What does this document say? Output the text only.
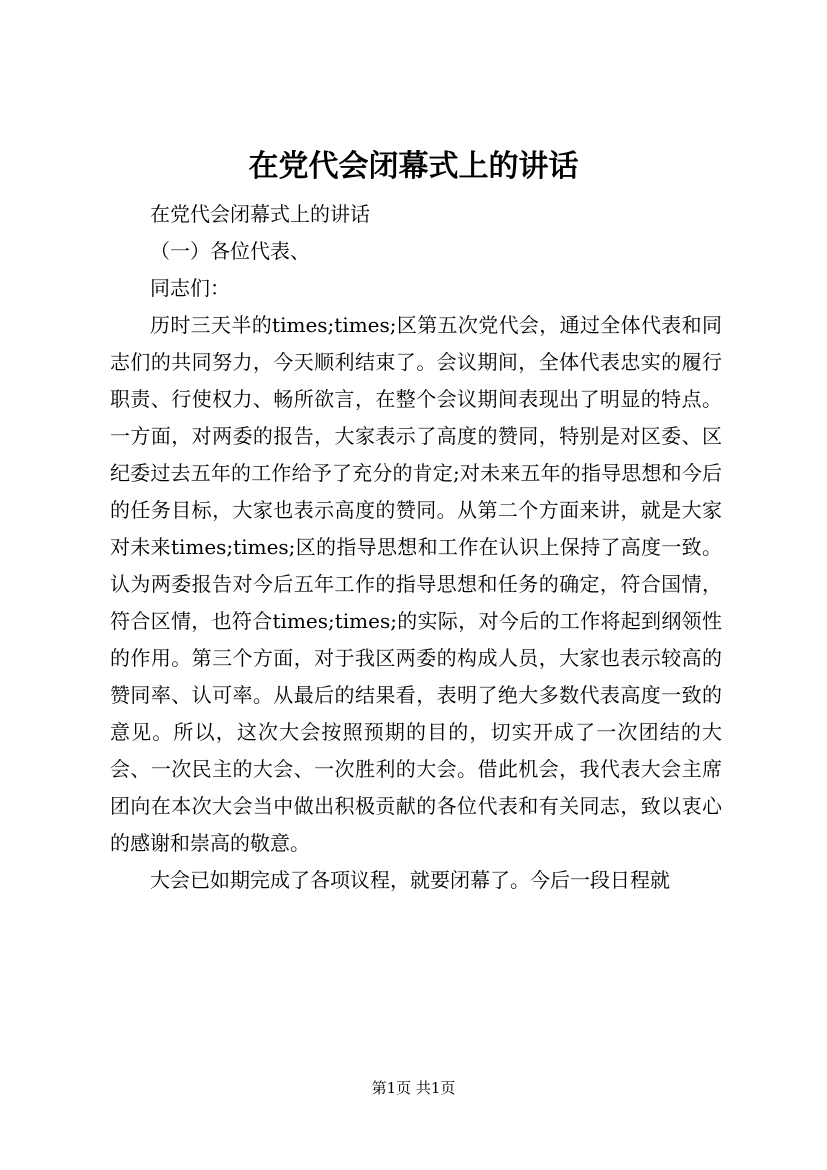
在党代会闭幕式上的讲话

在党代会闭幕式上的讲话

（一）各位代表、

同志们：

历时三天半的times;times;区第五次党代会，通过全体代表和同志们的共同努力，今天顺利结束了。会议期间，全体代表忠实的履行职责、行使权力、畅所欲言，在整个会议期间表现出了明显的特点。一方面，对两委的报告，大家表示了高度的赞同，特别是对区委、区纪委过去五年的工作给予了充分的肯定;对未来五年的指导思想和今后的任务目标，大家也表示高度的赞同。从第二个方面来讲，就是大家对未来times;times;区的指导思想和工作在认识上保持了高度一致。认为两委报告对今后五年工作的指导思想和任务的确定，符合国情，符合区情，也符合times;times;的实际，对今后的工作将起到纲领性的作用。第三个方面，对于我区两委的构成人员，大家也表示较高的赞同率、认可率。从最后的结果看，表明了绝大多数代表高度一致的意见。所以，这次大会按照预期的目的，切实开成了一次团结的大会、一次民主的大会、一次胜利的大会。借此机会，我代表大会主席团向在本次大会当中做出积极贡献的各位代表和有关同志，致以衷心的感谢和崇高的敬意。

大会已如期完成了各项议程，就要闭幕了。今后一段日程就

第1页 共1页
